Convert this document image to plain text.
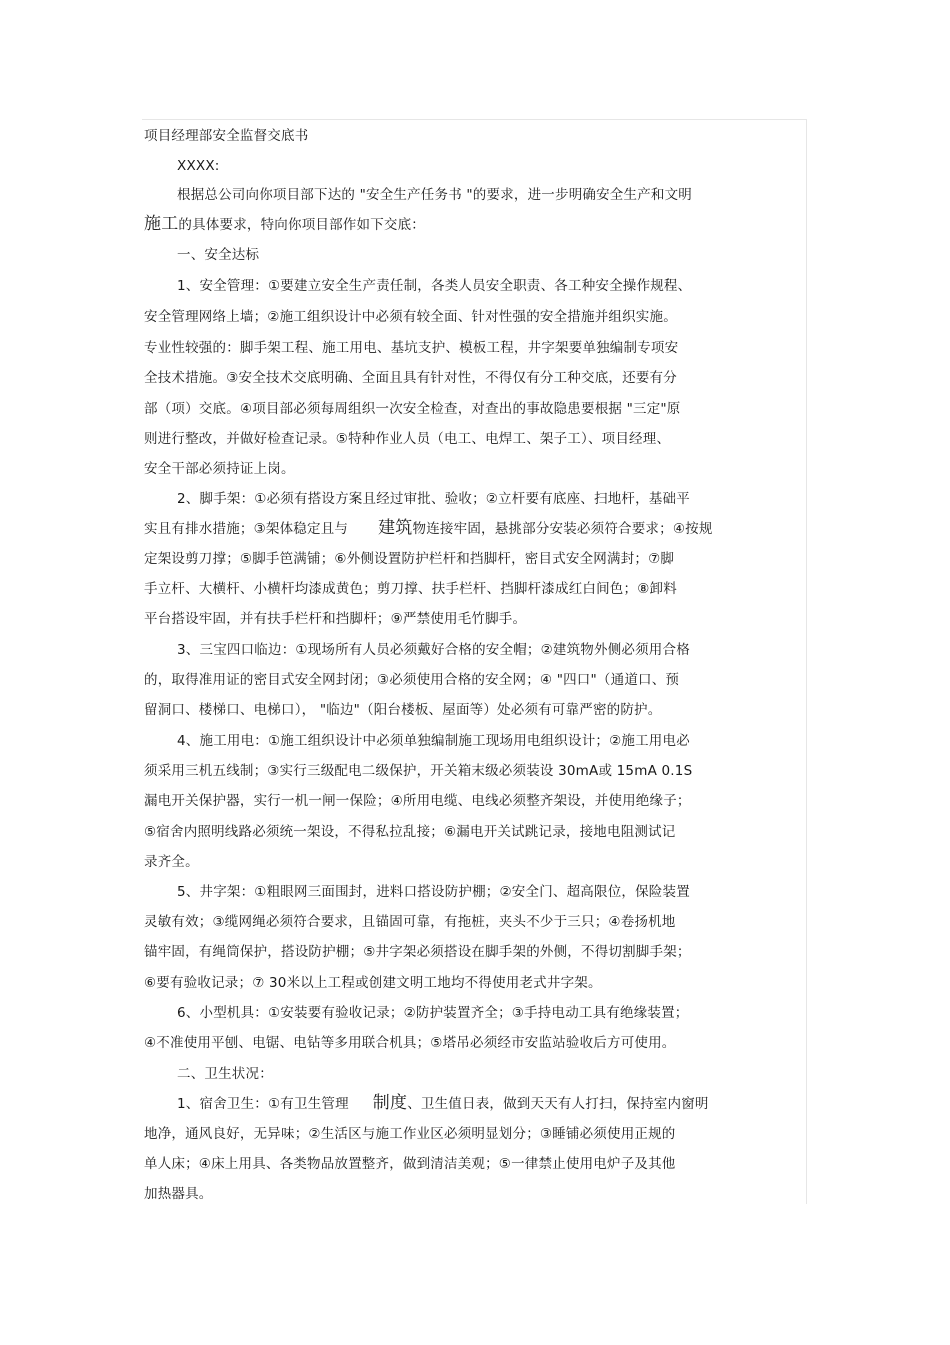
项目经理部安全监督交底书
XXXX:
根据总公司向你项目部下达的 "安全生产任务书 "的要求，进一步明确安全生产和文明
施工的具体要求，特向你项目部作如下交底：
一、安全达标
1、安全管理：①要建立安全生产责任制，各类人员安全职责、各工种安全操作规程、
安全管理网络上墙；②施工组织设计中必须有较全面、针对性强的安全措施并组织实施。
专业性较强的：脚手架工程、施工用电、基坑支护、模板工程，井字架要单独编制专项安
全技术措施。③安全技术交底明确、全面且具有针对性，不得仅有分工种交底，还要有分
部（项）交底。④项目部必须每周组织一次安全检查，对查出的事故隐患要根据 "三定"原
则进行整改，并做好检查记录。⑤特种作业人员（电工、电焊工、架子工）、项目经理、
安全干部必须持证上岗。
2、脚手架：①必须有搭设方案且经过审批、验收；②立杆要有底座、扫地杆，基础平
实且有排水措施；③架体稳定且与 建筑物连接牢固，悬挑部分安装必须符合要求；④按规
定架设剪刀撑；⑤脚手笆满铺；⑥外侧设置防护栏杆和挡脚杆，密目式安全网满封；⑦脚
手立杆、大横杆、小横杆均漆成黄色；剪刀撑、扶手栏杆、挡脚杆漆成红白间色；⑧卸料
平台搭设牢固，并有扶手栏杆和挡脚杆；⑨严禁使用毛竹脚手。
3、三宝四口临边：①现场所有人员必须戴好合格的安全帽；②建筑物外侧必须用合格
的，取得准用证的密目式安全网封闭；③必须使用合格的安全网；④ "四口"（通道口、预
留洞口、楼梯口、电梯口）， "临边"（阳台楼板、屋面等）处必须有可靠严密的防护。
4、施工用电：①施工组织设计中必须单独编制施工现场用电组织设计；②施工用电必
须采用三机五线制；③实行三级配电二级保护，开关箱末级必须装设 30mA或 15mA 0.1S
漏电开关保护器，实行一机一闸一保险；④所用电缆、电线必须整齐架设，并使用绝缘子；
⑤宿舍内照明线路必须统一架设，不得私拉乱接；⑥漏电开关试跳记录，接地电阻测试记
录齐全。
5、井字架：①粗眼网三面围封，进料口搭设防护棚；②安全门、超高限位，保险装置
灵敏有效；③缆网绳必须符合要求，且锚固可靠，有拖桩，夹头不少于三只；④卷扬机地
锚牢固，有绳筒保护，搭设防护棚；⑤井字架必须搭设在脚手架的外侧，不得切割脚手架；
⑥要有验收记录；⑦ 30米以上工程或创建文明工地均不得使用老式井字架。
6、小型机具：①安装要有验收记录；②防护装置齐全；③手持电动工具有绝缘装置；
④不准使用平刨、电锯、电钻等多用联合机具；⑤塔吊必须经市安监站验收后方可使用。
二、卫生状况：
1、宿舍卫生：①有卫生管理 制度、卫生值日表，做到天天有人打扫，保持室内窗明
地净，通风良好，无异味；②生活区与施工作业区必须明显划分；③睡铺必须使用正规的
单人床；④床上用具、各类物品放置整齐，做到清洁美观；⑤一律禁止使用电炉子及其他
加热器具。
